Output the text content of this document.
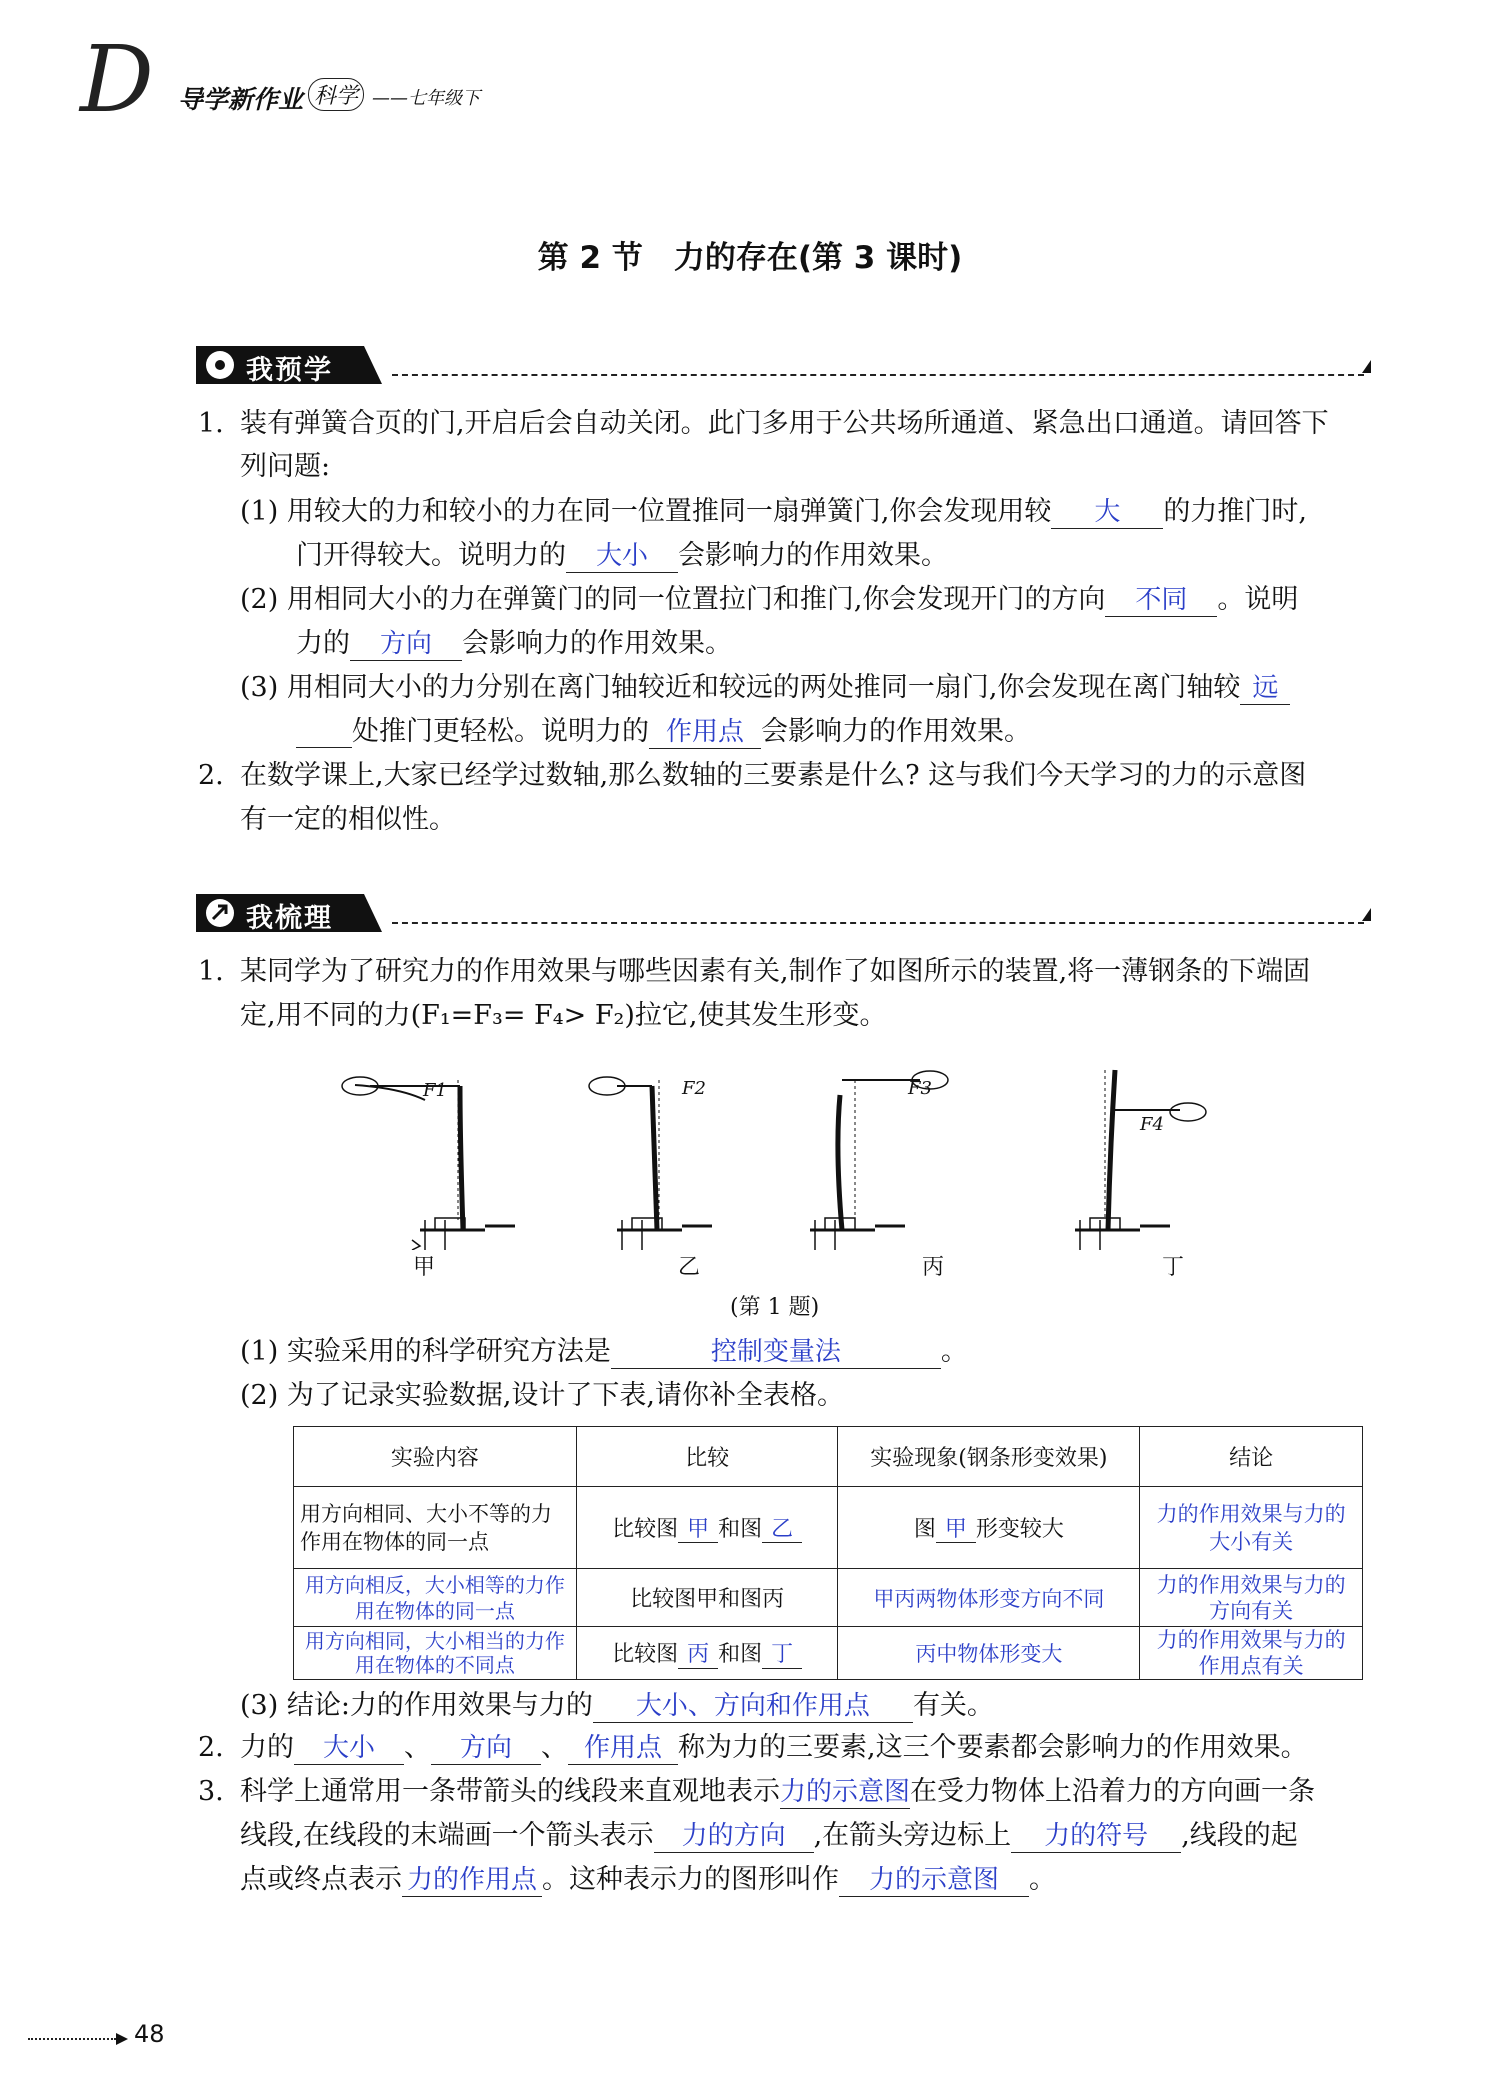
D 导学新作业 科学 ——七年级下
第 2 节　力的存在(第 3 课时)
我预学
1. 装有弹簧合页的门,开启后会自动关闭。此门多用于公共场所通道、紧急出口通道。请回答下
列问题:
(1) 用较大的力和较小的力在同一位置推同一扇弹簧门,你会发现用较 大 的力推门时,
门开得较大。说明力的 大小 会影响力的作用效果。
(2) 用相同大小的力在弹簧门的同一位置拉门和推门,你会发现开门的方向 不同 。说明
力的 方向 会影响力的作用效果。
(3) 用相同大小的力分别在离门轴较近和较远的两处推同一扇门,你会发现在离门轴较 远
处推门更轻松。说明力的 作用点 会影响力的作用效果。
2. 在数学课上,大家已经学过数轴,那么数轴的三要素是什么? 这与我们今天学习的力的示意图
有一定的相似性。
我梳理
1. 某同学为了研究力的作用效果与哪些因素有关,制作了如图所示的装置,将一薄钢条的下端固
定,用不同的力(F₁=F₃= F₄> F₂)拉它,使其发生形变。
F1	F2	F3
F4
甲	乙	丙	丁
(第 1 题)
(1) 实验采用的科学研究方法是	控制变量法	。
(2) 为了记录实验数据,设计了下表,请你补全表格。
实验内容	比较	实验现象(钢条形变效果)	结论
用方向相同、大小不等的力作用在物体的同一点	比较图 甲 和图 乙	图 甲 形变较大	力的作用效果与力的大小有关
用方向相反，大小相等的力作用在物体的同一点	比较图甲和图丙	甲丙两物体形变方向不同	力的作用效果与力的方向有关
用方向相同，大小相当的力作用在物体的不同点	比较图 丙 和图 丁	丙中物体形变大	力的作用效果与力的作用点有关
(3) 结论:力的作用效果与力的 大小、方向和作用点 有关。
2. 力的 大小 、 方向 、 作用点 称为力的三要素,这三个要素都会影响力的作用效果。
3. 科学上通常用一条带箭头的线段来直观地表示力的示意图在受力物体上沿着力的方向画一条
线段,在线段的末端画一个箭头表示 力的方向 ,在箭头旁边标上 力的符号 ,线段的起
点或终点表示 力的作用点 。这种表示力的图形叫作 力的示意图 。
48
